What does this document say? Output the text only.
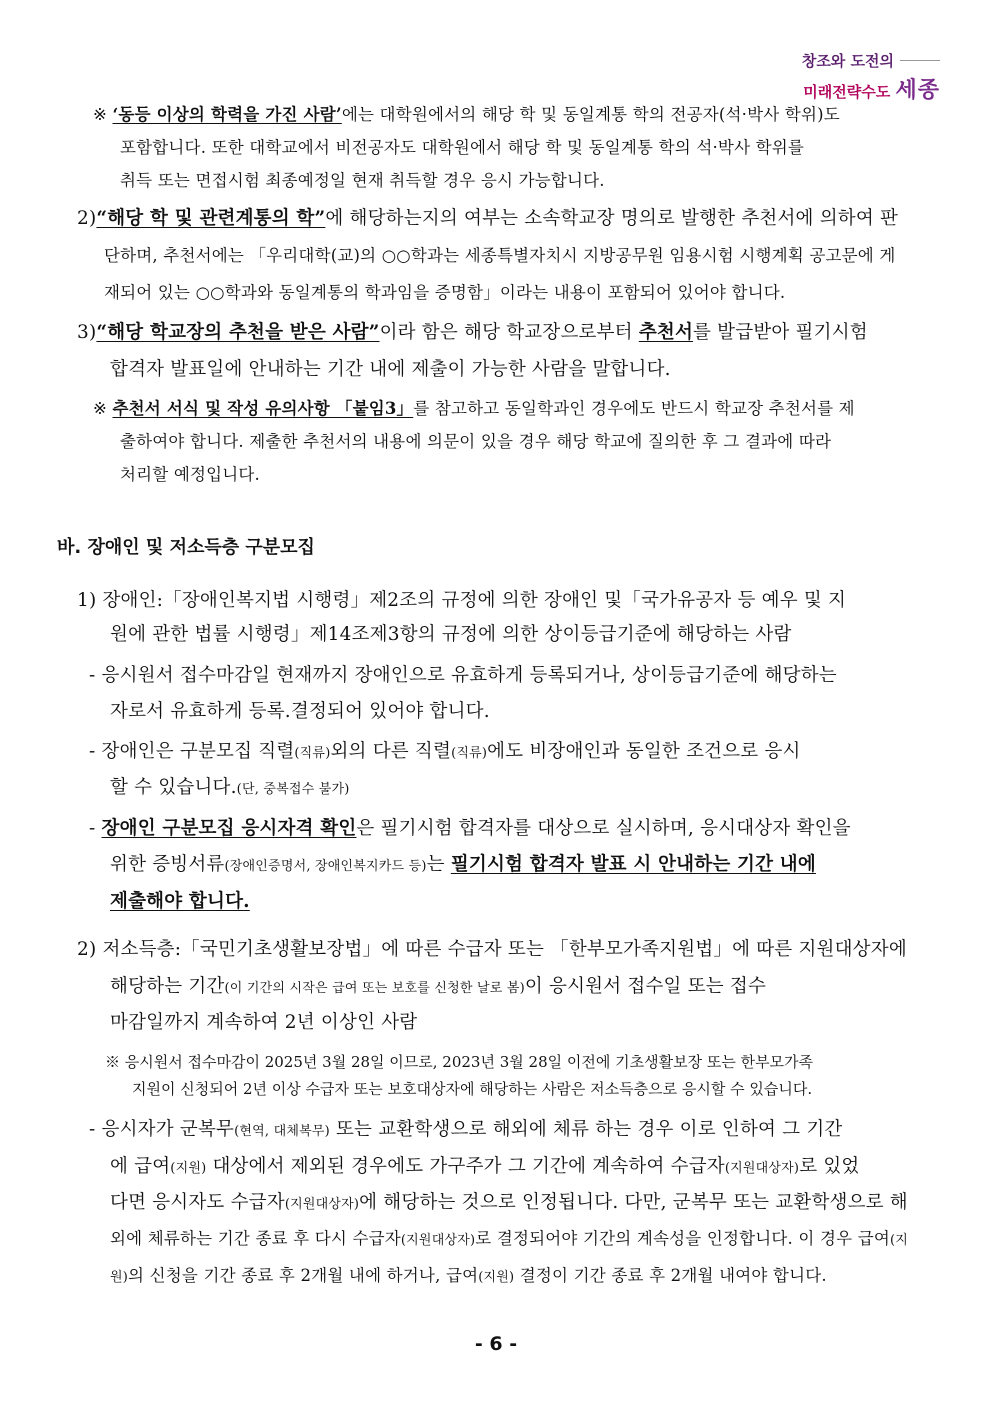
창조와 도전의
미래전략수도 세종
※ ‘동등 이상의 학력을 가진 사람’에는 대학원에서의 해당 학 및 동일계통 학의 전공자(석·박사 학위)도
포함합니다. 또한 대학교에서 비전공자도 대학원에서 해당 학 및 동일계통 학의 석·박사 학위를
취득 또는 면접시험 최종예정일 현재 취득할 경우 응시 가능합니다.
2)“해당 학 및 관련계통의 학”에 해당하는지의 여부는 소속학교장 명의로 발행한 추천서에 의하여 판
단하며, 추천서에는 「우리대학(교)의 ○○학과는 세종특별자치시 지방공무원 임용시험 시행계획 공고문에 게
재되어 있는 ○○학과와 동일계통의 학과임을 증명함」이라는 내용이 포함되어 있어야 합니다.
3)“해당 학교장의 추천을 받은 사람”이라 함은 해당 학교장으로부터 추천서를 발급받아 필기시험
합격자 발표일에 안내하는 기간 내에 제출이 가능한 사람을 말합니다.
※ 추천서 서식 및 작성 유의사항 「붙임3」를 참고하고 동일학과인 경우에도 반드시 학교장 추천서를 제
출하여야 합니다. 제출한 추천서의 내용에 의문이 있을 경우 해당 학교에 질의한 후 그 결과에 따라
처리할 예정입니다.
바. 장애인 및 저소득층 구분모집
1) 장애인:「장애인복지법 시행령」제2조의 규정에 의한 장애인 및「국가유공자 등 예우 및 지
원에 관한 법률 시행령」제14조제3항의 규정에 의한 상이등급기준에 해당하는 사람
- 응시원서 접수마감일 현재까지 장애인으로 유효하게 등록되거나, 상이등급기준에 해당하는
자로서 유효하게 등록.결정되어 있어야 합니다.
- 장애인은 구분모집 직렬(직류)외의 다른 직렬(직류)에도 비장애인과 동일한 조건으로 응시
할 수 있습니다.(단, 중복접수 불가)
- 장애인 구분모집 응시자격 확인은 필기시험 합격자를 대상으로 실시하며, 응시대상자 확인을
위한 증빙서류(장애인증명서, 장애인복지카드 등)는 필기시험 합격자 발표 시 안내하는 기간 내에
제출해야 합니다.
2) 저소득층:「국민기초생활보장법」에 따른 수급자 또는 「한부모가족지원법」에 따른 지원대상자에
해당하는 기간(이 기간의 시작은 급여 또는 보호를 신청한 날로 봄)이 응시원서 접수일 또는 접수
마감일까지 계속하여 2년 이상인 사람
※ 응시원서 접수마감이 2025년 3월 28일 이므로, 2023년 3월 28일 이전에 기초생활보장 또는 한부모가족
지원이 신청되어 2년 이상 수급자 또는 보호대상자에 해당하는 사람은 저소득층으로 응시할 수 있습니다.
- 응시자가 군복무(현역, 대체복무) 또는 교환학생으로 해외에 체류 하는 경우 이로 인하여 그 기간
에 급여(지원) 대상에서 제외된 경우에도 가구주가 그 기간에 계속하여 수급자(지원대상자)로 있었
다면 응시자도 수급자(지원대상자)에 해당하는 것으로 인정됩니다. 다만, 군복무 또는 교환학생으로 해
외에 체류하는 기간 종료 후 다시 수급자(지원대상자)로 결정되어야 기간의 계속성을 인정합니다. 이 경우 급여(지
원)의 신청을 기간 종료 후 2개월 내에 하거나, 급여(지원) 결정이 기간 종료 후 2개월 내여야 합니다.
- 6 -
